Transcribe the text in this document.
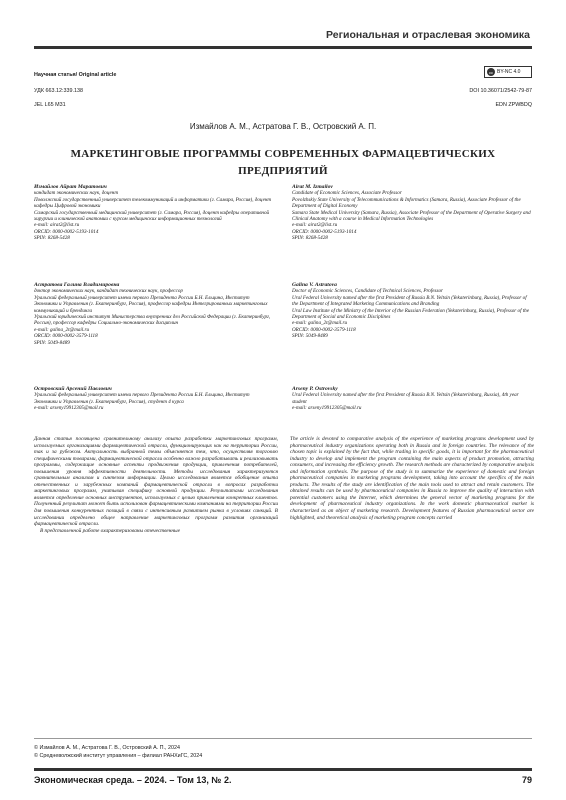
Региональная и отраслевая экономика
Научная статья/ Original article
УДК 663.12:339.138
JEL L65 M31
DOI 10.36071/2542-79-87
EDN ZPWBDQ
cc BY-NC 4.0
Измайлов А. М., Астратова Г. В., Островский А. П.
МАРКЕТИНГОВЫЕ ПРОГРАММЫ СОВРЕМЕННЫХ ФАРМАЦЕВТИЧЕСКИХ ПРЕДПРИЯТИЙ
Измайлов Айрат Маратович
кандидат экономических наук, доцент
Поволжский государственный университет телекоммуникаций и информатики (г. Самара, Россия), доцент кафедры Цифровой экономики
Самарский государственный медицинский университет (г. Самара, Россия), доцент кафедры оперативной хирургии и клинической анатомии с курсом медицинских информационных технологий
e-mail: airat2@list.ru
ORCID: 0000-0002-5193-1014
SPIN: 8268-5428
Астратова Галина Владимировна
доктор экономических наук, кандидат технических наук, профессор
Уральский федеральный университет имени первого Президента России Б.Н. Ельцина, Институт Экономики и Управления (г. Екатеринбург, Россия), профессор кафедры Интегрированных маркетинговых коммуникаций и брендинга
Уральский юридический институт Министерства внутренних дел Российской Федерации (г. Екатеринбург, Россия), профессор кафедры Социально-экономических дисциплин
e-mail: galina_2t@mail.ru
ORCID: 0000-0002-3579-1118
SPIN: 5049-8489
Островский Арсений Павлович
Уральский федеральный университет имени первого Президента России Б.Н. Ельцина, Институт Экономики и Управления (г. Екатеринбург, Россия), студент 4 курса
e-mail: arseny19912305@mail.ru
Airat M. Izmailov
Candidate of Economic Sciences, Associate Professor
Povolzhskiy State University of Telecommunications & Informatics (Samara, Russia), Associate Professor of the Department of Digital Economy
Samara State Medical University (Samara, Russia), Associate Professor of the Department of Operative Surgery and Clinical Anatomy with a course in Medical Information Technologies
e-mail: airat2@list.ru
ORCID: 0000-0002-5193-1014
SPIN: 8268-5428
Galina V. Astratova
Doctor of Economic Sciences, Candidate of Technical Sciences, Professor
Ural Federal University named after the first President of Russia B.N. Yeltsin (Yekaterinburg, Russia), Professor of the Department of Integrated Marketing Communications and Branding
Ural Law Institute of the Ministry of the Interior of the Russian Federation (Yekaterinburg, Russia), Professor of the Department of Social and Economic Disciplines
e-mail: galina_2t@mail.ru
ORCID: 0000-0002-3579-1118
SPIN: 5049-8489
Arseny P. Ostrovsky
Ural Federal University named after the first President of Russia B.N. Yeltsin (Yekaterinburg, Russia), 4th year student
e-mail: arseny19912305@mail.ru
Данная статья посвящена сравнительному анализу опыта разработки маркетинговых программ, используемых организациями фармацевтической отрасли, функционирующих как на территории России, так и за рубежом. Актуальность выбранной темы объясняется тем, что, осуществляя торговлю специфическими товарами, фармацевтической отрасли особенно важно разрабатывать и реализовывать программы, содержащие основные аспекты продвижения продукции, привлечения потребителей, повышения уровня эффективности деятельности. Методы исследования характеризуются сравнительным анализом и синтезом информации. Целью исследования является обобщение опыта отечественных и зарубежных компаний фармацевтической отрасли в вопросах разработки маркетинговых программ, учитывая специфику основной продукции. Результатами исследования является определение основных инструментов, используемых с целью привлечения конкретных клиентов. Полученный результат может быть использован фармацевтическими компаниями на территории России для повышения конкурентных позиций в связи с интенсивным развитием рынка в условиях санкций. В исследовании определено общее направление маркетинговых программ развития организаций фармацевтической отрасли.
В представленной работе охарактеризованы отечественные
The article is devoted to comparative analysis of the experience of marketing programs development used by pharmaceutical industry organizations operating both in Russia and in foreign countries. The relevance of the chosen topic is explained by the fact that, while trading in specific goods, it is important for the pharmaceutical industry to develop and implement the program containing the main aspects of product promotion, attracting consumers, and increasing the efficiency growth. The research methods are characterized by comparative analysis and information synthesis. The purpose of the study is to summarize the experience of domestic and foreign pharmaceutical companies in marketing programs development, taking into account the specifics of the main products. The results of the study are identification of the main tools used to attract and retain customers. The obtained results can be used by pharmaceutical companies in Russia to improve the quality of interaction with potential customers using the Internet, which determines the general vector of marketing programs for the development of pharmaceutical industry organizations. In the work domestic pharmaceutical market is characterized as an object of marketing research. Development features of Russian pharmaceutical sector are highlighted, and theoretical analysis of marketing program concepts carried
© Измайлов А. М., Астратова Г. В., Островский А. П., 2024
© Средневолжский институт управления – филиал РАНХиГС, 2024
Экономическая среда. – 2024. – Том 13, № 2.	79
